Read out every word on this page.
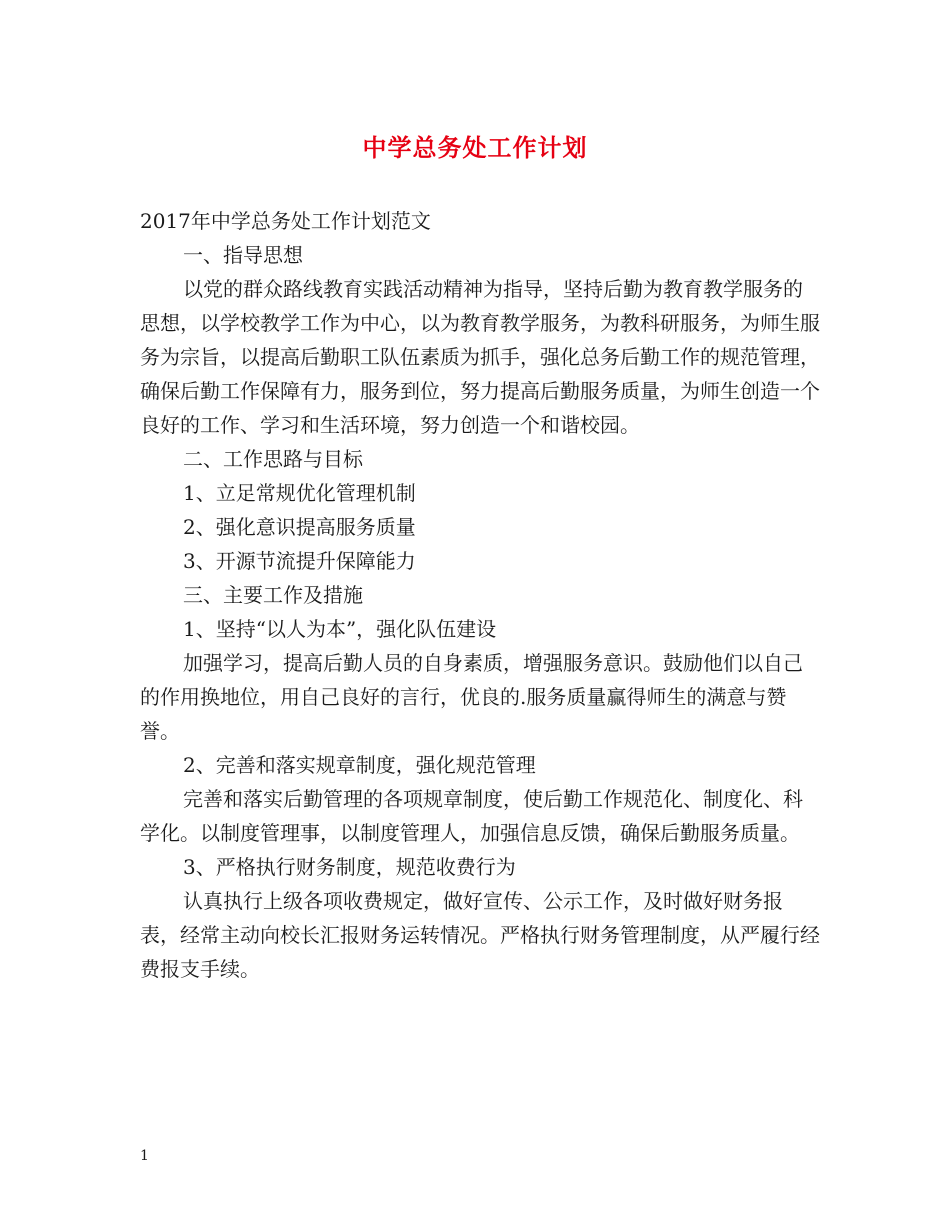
中学总务处工作计划

2017年中学总务处工作计划范文

一、指导思想

以党的群众路线教育实践活动精神为指导，坚持后勤为教育教学服务的思想，以学校教学工作为中心，以为教育教学服务，为教科研服务，为师生服务为宗旨，以提高后勤职工队伍素质为抓手，强化总务后勤工作的规范管理，确保后勤工作保障有力，服务到位，努力提高后勤服务质量，为师生创造一个良好的工作、学习和生活环境，努力创造一个和谐校园。

二、工作思路与目标

1、立足常规优化管理机制

2、强化意识提高服务质量

3、开源节流提升保障能力

三、主要工作及措施

1、坚持“以人为本”，强化队伍建设

加强学习，提高后勤人员的自身素质，增强服务意识。鼓励他们以自己的作用换地位，用自己良好的言行，优良的.服务质量赢得师生的满意与赞誉。

2、完善和落实规章制度，强化规范管理

完善和落实后勤管理的各项规章制度，使后勤工作规范化、制度化、科学化。以制度管理事，以制度管理人，加强信息反馈，确保后勤服务质量。

3、严格执行财务制度，规范收费行为

认真执行上级各项收费规定，做好宣传、公示工作，及时做好财务报表，经常主动向校长汇报财务运转情况。严格执行财务管理制度，从严履行经费报支手续。

1
